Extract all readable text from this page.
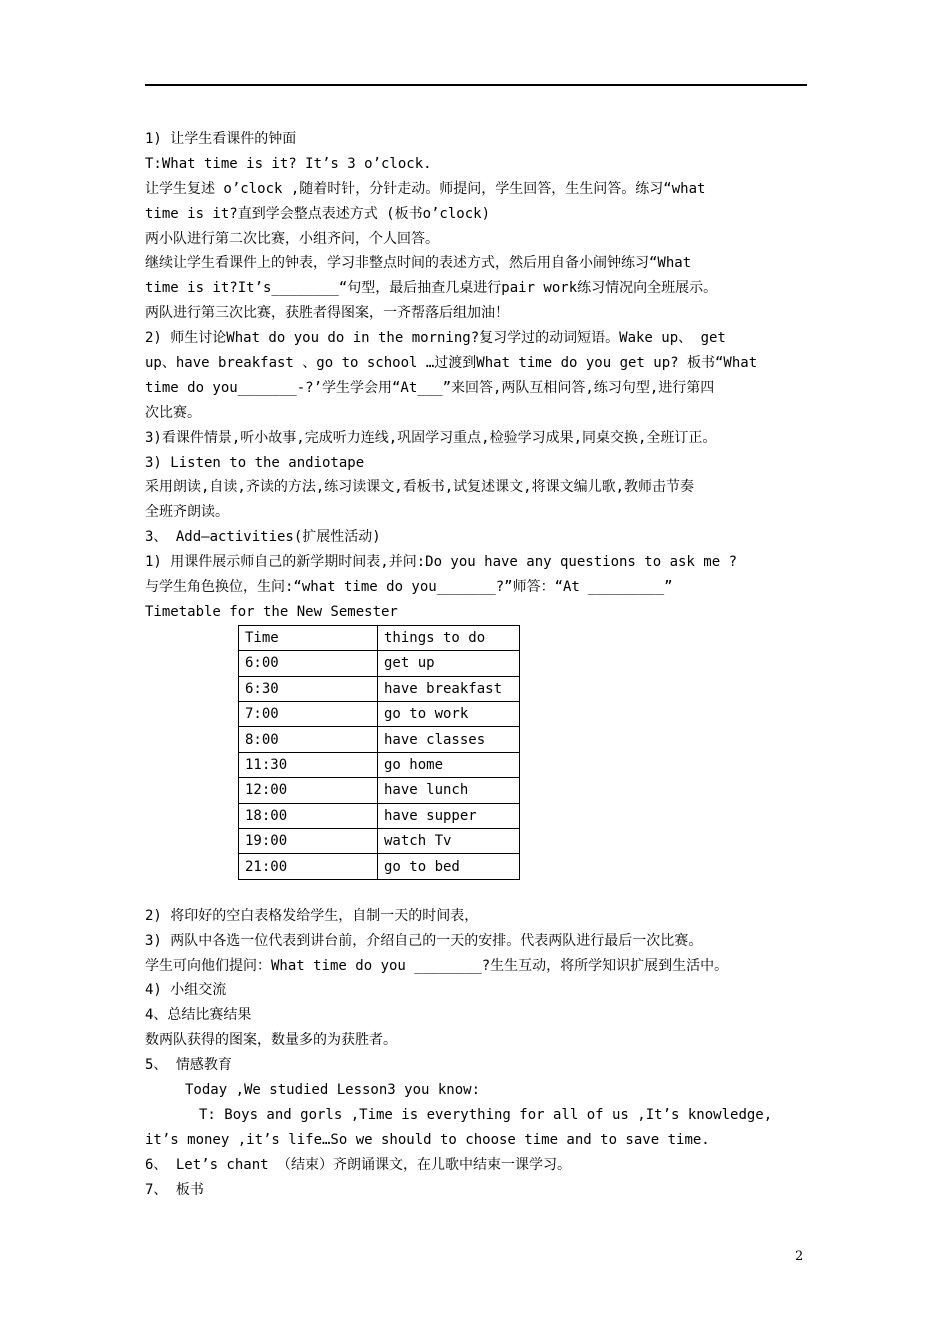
1) 让学生看课件的钟面
T:What time is it? It’s 3 o’clock.
让学生复述 o’clock ,随着时针，分针走动。师提问，学生回答，生生问答。练习“what
time is it?直到学会整点表述方式 (板书o’clock)
两小队进行第二次比赛，小组齐问，个人回答。
继续让学生看课件上的钟表，学习非整点时间的表述方式，然后用自备小闹钟练习“What
time is it?It’s________“句型，最后抽查几桌进行pair work练习情况向全班展示。
两队进行第三次比赛，获胜者得图案，一齐帮落后组加油！
2) 师生讨论What do you do in the morning?复习学过的动词短语。Wake up、 get
up、have breakfast 、go to school …过渡到What time do you get up? 板书“What
time do you_______-?’学生学会用“At___”来回答,两队互相问答,练习句型,进行第四
次比赛。
3)看课件情景,听小故事,完成听力连线,巩固学习重点,检验学习成果,同桌交换,全班订正。
3) Listen to the andiotape
采用朗读,自读,齐读的方法,练习读课文,看板书,试复述课文,将课文编儿歌,教师击节奏
全班齐朗读。
3、 Add—activities(扩展性活动)
1) 用课件展示师自己的新学期时间表,并问:Do you have any questions to ask me ?
与学生角色换位，生问:“what time do you_______?”师答：“At _________”
Timetable for the New Semester
Time	things to do
6:00	get up
6:30	have breakfast
7:00	go to work
8:00	have classes
11:30	go home
12:00	have lunch
18:00	have supper
19:00	watch Tv
21:00	go to bed
2) 将印好的空白表格发给学生，自制一天的时间表，
3) 两队中各选一位代表到讲台前，介绍自己的一天的安排。代表两队进行最后一次比赛。
学生可向他们提问：What time do you ________?生生互动，将所学知识扩展到生活中。
4) 小组交流
4、总结比赛结果
数两队获得的图案，数量多的为获胜者。
5、 情感教育
Today ,We studied Lesson3 you know:
T: Boys and gorls ,Time is everything for all of us ,It’s knowledge,
it’s money ,it’s life…So we should to choose time and to save time.
6、 Let’s chant （结束）齐朗诵课文，在儿歌中结束一课学习。
7、 板书
2
